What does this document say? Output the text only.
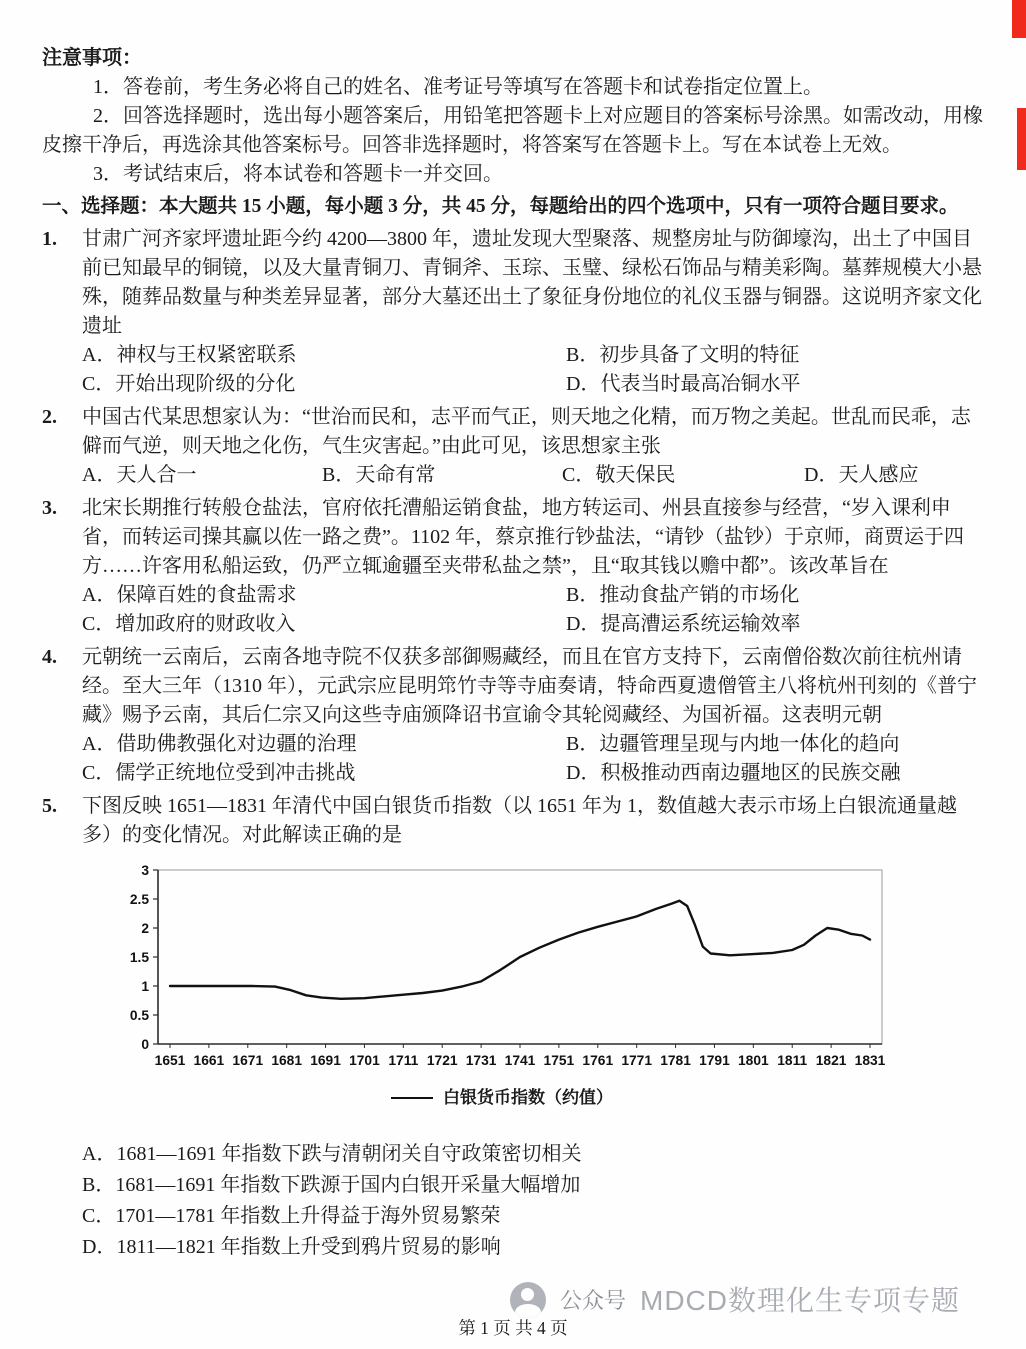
注意事项：

1．答卷前，考生务必将自己的姓名、准考证号等填写在答题卡和试卷指定位置上。

2．回答选择题时，选出每小题答案后，用铅笔把答题卡上对应题目的答案标号涂黑。如需改动，用橡皮擦干净后，再选涂其他答案标号。回答非选择题时，将答案写在答题卡上。写在本试卷上无效。

3．考试结束后，将本试卷和答题卡一并交回。

一、选择题：本大题共 15 小题，每小题 3 分，共 45 分，每题给出的四个选项中，只有一项符合题目要求。
1. 甘肃广河齐家坪遗址距今约 4200—3800 年，遗址发现大型聚落、规整房址与防御壕沟，出土了中国目前已知最早的铜镜，以及大量青铜刀、青铜斧、玉琮、玉璧、绿松石饰品与精美彩陶。墓葬规模大小悬殊，随葬品数量与种类差异显著，部分大墓还出土了象征身份地位的礼仪玉器与铜器。这说明齐家文化遗址
A．神权与王权紧密联系	B．初步具备了文明的特征
C．开始出现阶级的分化	D．代表当时最高冶铜水平
2. 中国古代某思想家认为：“世治而民和，志平而气正，则天地之化精，而万物之美起。世乱而民乖，志僻而气逆，则天地之化伤，气生灾害起。”由此可见，该思想家主张
A．天人合一	B．天命有常	C．敬天保民	D．天人感应
3. 北宋长期推行转般仓盐法，官府依托漕船运销食盐，地方转运司、州县直接参与经营，“岁入课利申省，而转运司操其赢以佐一路之费”。1102 年，蔡京推行钞盐法，“请钞（盐钞）于京师，商贾运于四方……许客用私船运致，仍严立辄逾疆至夹带私盐之禁”，且“取其钱以赡中都”。该改革旨在
A．保障百姓的食盐需求	B．推动食盐产销的市场化
C．增加政府的财政收入	D．提高漕运系统运输效率
4. 元朝统一云南后，云南各地寺院不仅获多部御赐藏经，而且在官方支持下，云南僧俗数次前往杭州请经。至大三年（1310 年），元武宗应昆明筇竹寺等寺庙奏请，特命西夏遗僧管主八将杭州刊刻的《普宁藏》赐予云南，其后仁宗又向这些寺庙颁降诏书宣谕令其轮阅藏经、为国祈福。这表明元朝
A．借助佛教强化对边疆的治理	B．边疆管理呈现与内地一体化的趋向
C．儒学正统地位受到冲击挑战	D．积极推动西南边疆地区的民族交融
5. 下图反映 1651—1831 年清代中国白银货币指数（以 1651 年为 1，数值越大表示市场上白银流通量越多）的变化情况。对此解读正确的是
0
0.5
1
1.5
2
2.5
3
1651 1661 1671 1681 1691 1701 1711 1721 1731 1741 1751 1761 1771 1781 1791 1801 1811 1821 1831
白银货币指数（约值）
A．1681—1691 年指数下跌与清朝闭关自守政策密切相关
B．1681—1691 年指数下跌源于国内白银开采量大幅增加
C．1701—1781 年指数上升得益于海外贸易繁荣
D．1811—1821 年指数上升受到鸦片贸易的影响
公众号 MDCD数理化生专项专题
第 1 页 共 4 页
